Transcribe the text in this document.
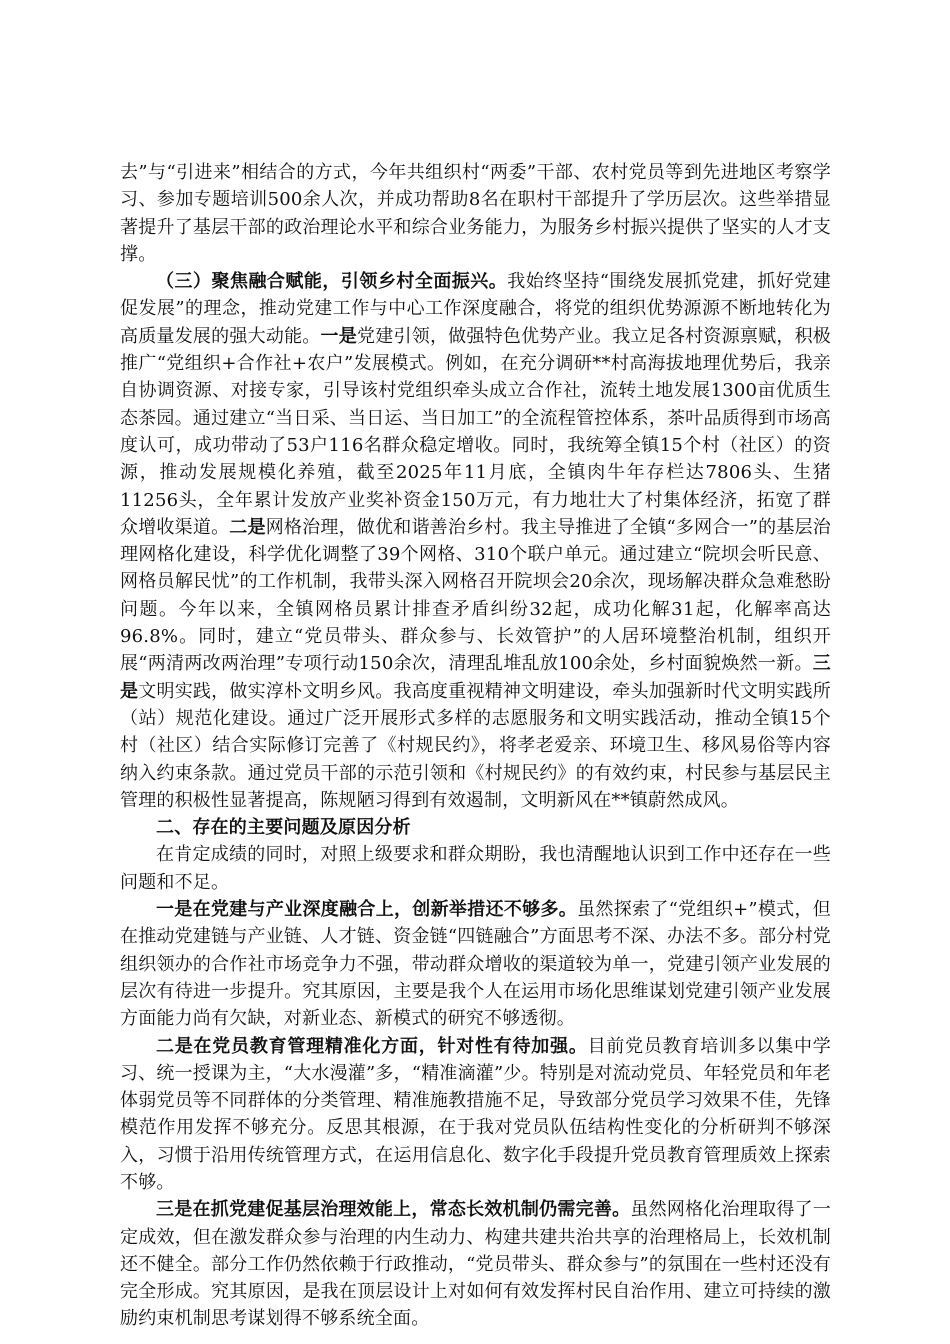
去”与“引进来”相结合的方式，今年共组织村“两委”干部、农村党员等到先进地区考察学习、参加专题培训500余人次，并成功帮助8名在职村干部提升了学历层次。这些举措显著提升了基层干部的政治理论水平和综合业务能力，为服务乡村振兴提供了坚实的人才支撑。

（三）聚焦融合赋能，引领乡村全面振兴。我始终坚持“围绕发展抓党建，抓好党建促发展”的理念，推动党建工作与中心工作深度融合，将党的组织优势源源不断地转化为高质量发展的强大动能。一是党建引领，做强特色优势产业。我立足各村资源禀赋，积极推广“党组织+合作社+农户”发展模式。例如，在充分调研**村高海拔地理优势后，我亲自协调资源、对接专家，引导该村党组织牵头成立合作社，流转土地发展1300亩优质生态茶园。通过建立“当日采、当日运、当日加工”的全流程管控体系，茶叶品质得到市场高度认可，成功带动了53户116名群众稳定增收。同时，我统筹全镇15个村（社区）的资源，推动发展规模化养殖，截至2025年11月底，全镇肉牛年存栏达7806头、生猪11256头，全年累计发放产业奖补资金150万元，有力地壮大了村集体经济，拓宽了群众增收渠道。二是网格治理，做优和谐善治乡村。我主导推进了全镇“多网合一”的基层治理网格化建设，科学优化调整了39个网格、310个联户单元。通过建立“院坝会听民意、网格员解民忧”的工作机制，我带头深入网格召开院坝会20余次，现场解决群众急难愁盼问题。今年以来，全镇网格员累计排查矛盾纠纷32起，成功化解31起，化解率高达96.8%。同时，建立“党员带头、群众参与、长效管护”的人居环境整治机制，组织开展“两清两改两治理”专项行动150余次，清理乱堆乱放100余处，乡村面貌焕然一新。三是文明实践，做实淳朴文明乡风。我高度重视精神文明建设，牵头加强新时代文明实践所（站）规范化建设。通过广泛开展形式多样的志愿服务和文明实践活动，推动全镇15个村（社区）结合实际修订完善了《村规民约》，将孝老爱亲、环境卫生、移风易俗等内容纳入约束条款。通过党员干部的示范引领和《村规民约》的有效约束，村民参与基层民主管理的积极性显著提高，陈规陋习得到有效遏制，文明新风在**镇蔚然成风。

二、存在的主要问题及原因分析

在肯定成绩的同时，对照上级要求和群众期盼，我也清醒地认识到工作中还存在一些问题和不足。

一是在党建与产业深度融合上，创新举措还不够多。虽然探索了“党组织+”模式，但在推动党建链与产业链、人才链、资金链“四链融合”方面思考不深、办法不多。部分村党组织领办的合作社市场竞争力不强，带动群众增收的渠道较为单一，党建引领产业发展的层次有待进一步提升。究其原因，主要是我个人在运用市场化思维谋划党建引领产业发展方面能力尚有欠缺，对新业态、新模式的研究不够透彻。

二是在党员教育管理精准化方面，针对性有待加强。目前党员教育培训多以集中学习、统一授课为主，“大水漫灌”多，“精准滴灌”少。特别是对流动党员、年轻党员和年老体弱党员等不同群体的分类管理、精准施教措施不足，导致部分党员学习效果不佳，先锋模范作用发挥不够充分。反思其根源，在于我对党员队伍结构性变化的分析研判不够深入，习惯于沿用传统管理方式，在运用信息化、数字化手段提升党员教育管理质效上探索不够。

三是在抓党建促基层治理效能上，常态长效机制仍需完善。虽然网格化治理取得了一定成效，但在激发群众参与治理的内生动力、构建共建共治共享的治理格局上，长效机制还不健全。部分工作仍然依赖于行政推动，“党员带头、群众参与”的氛围在一些村还没有完全形成。究其原因，是我在顶层设计上对如何有效发挥村民自治作用、建立可持续的激励约束机制思考谋划得不够系统全面。
